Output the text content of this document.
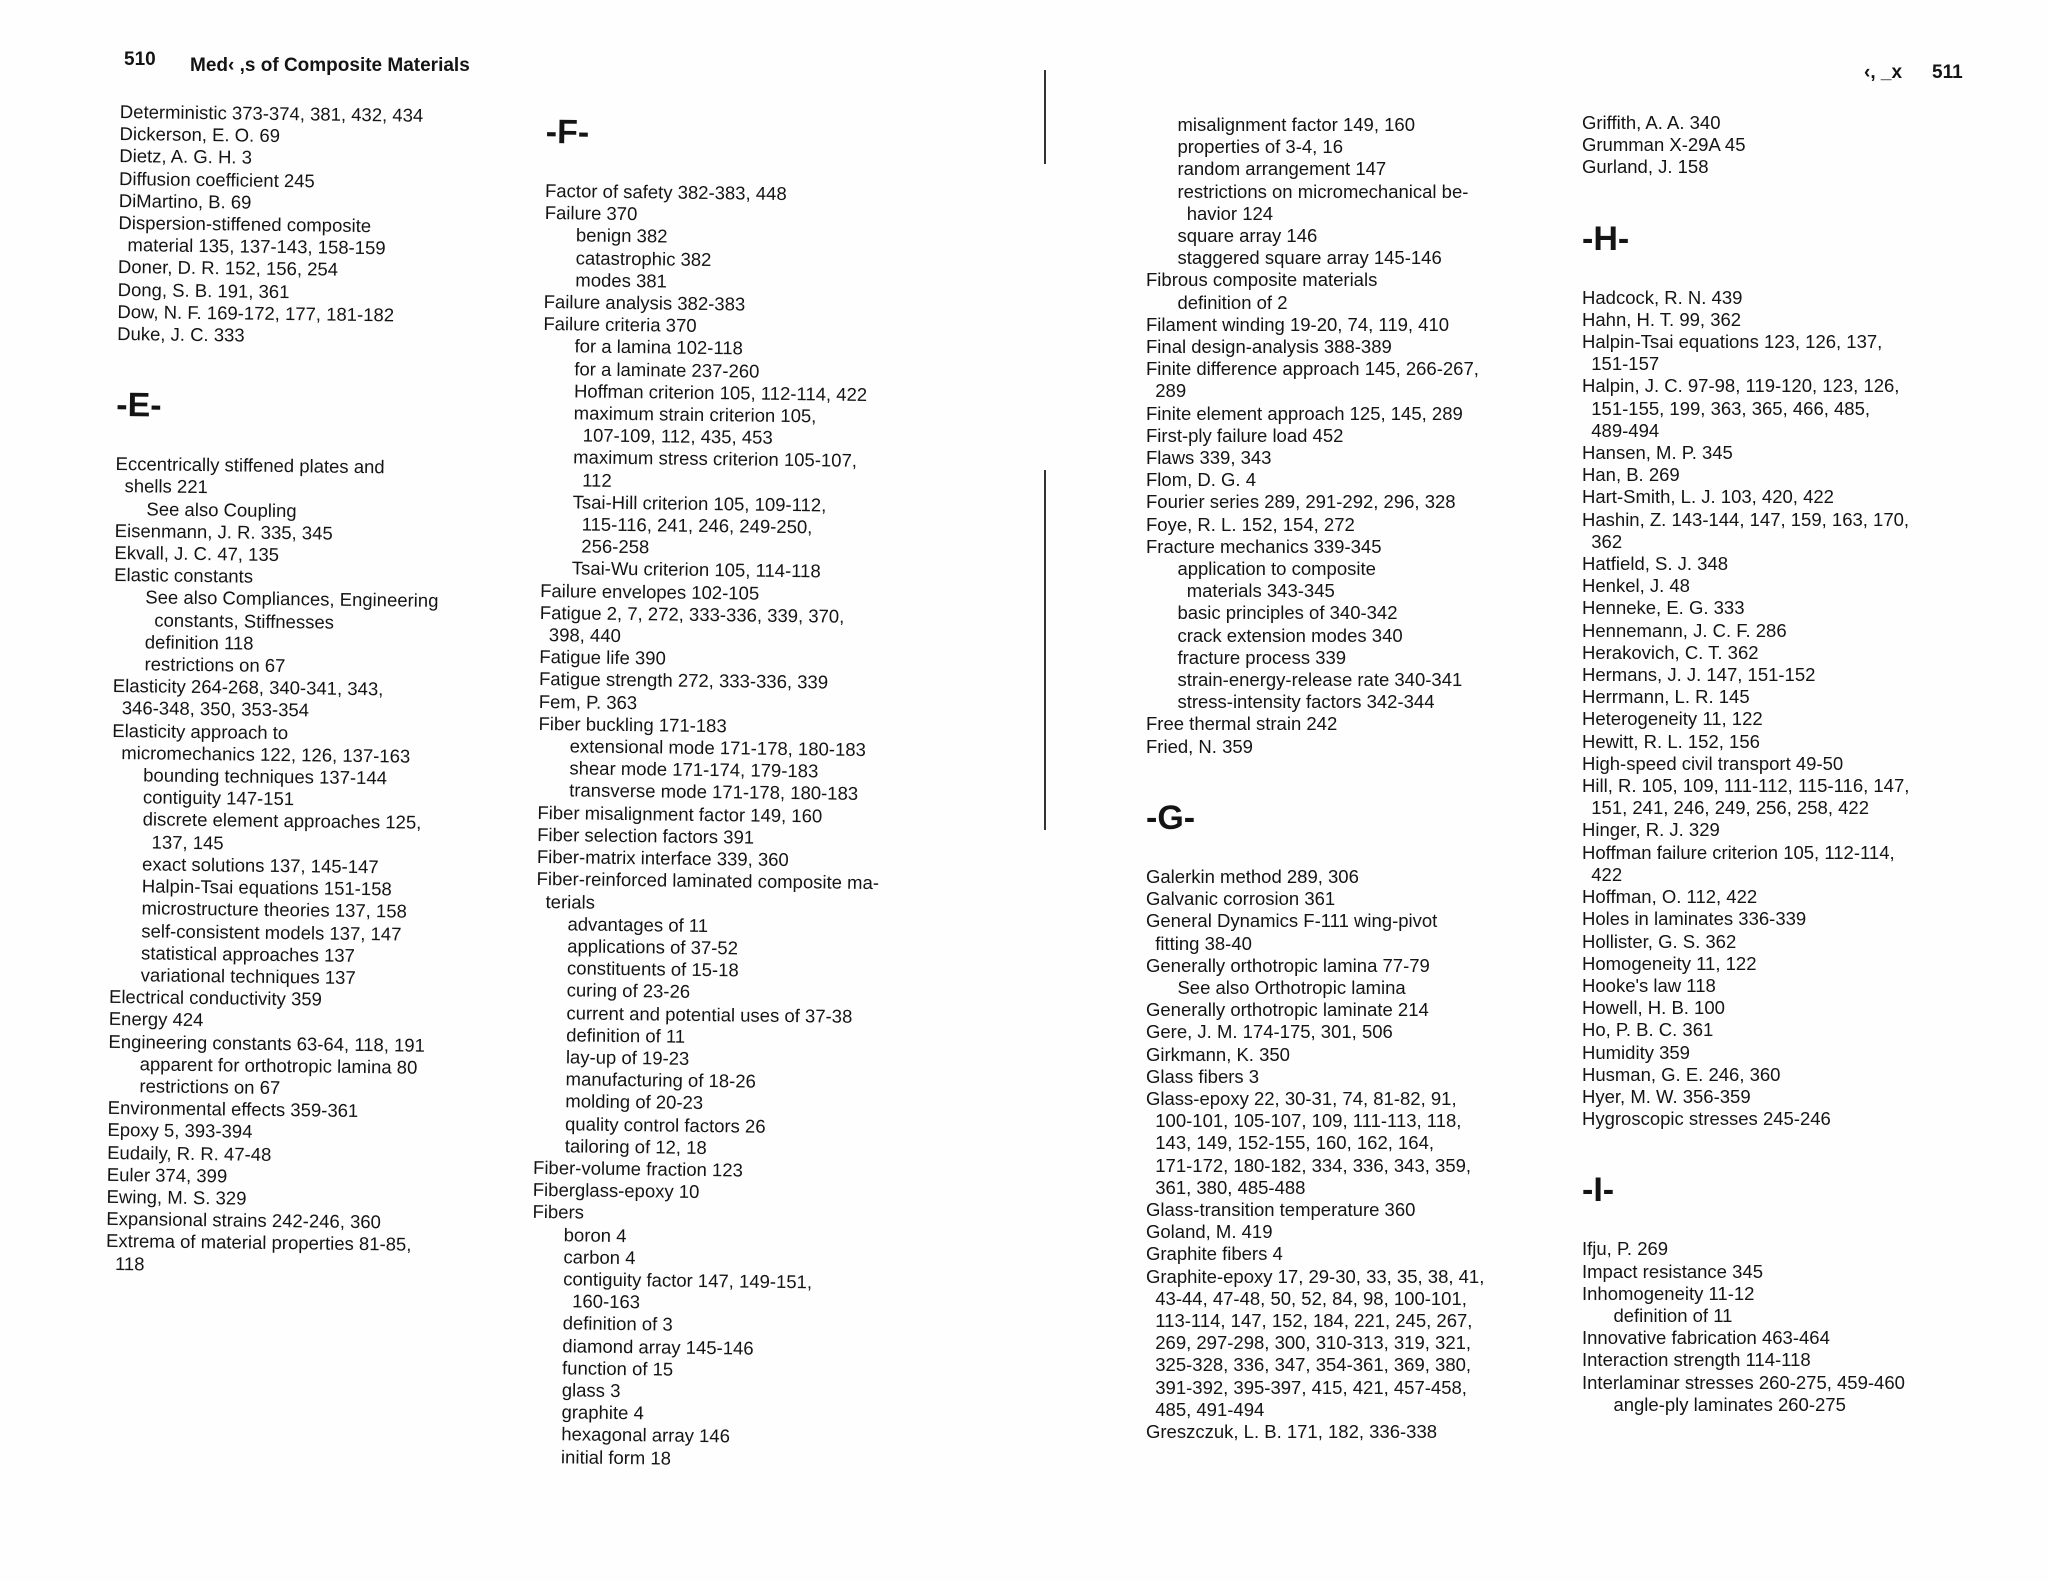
510 Med‹ ,s of Composite Materials
Deterministic 373-374, 381, 432, 434
Dickerson, E. O. 69
Dietz, A. G. H. 3
Diffusion coefficient 245
DiMartino, B. 69
Dispersion-stiffened composite
material 135, 137-143, 158-159
Doner, D. R. 152, 156, 254
Dong, S. B. 191, 361
Dow, N. F. 169-172, 177, 181-182
Duke, J. C. 333
-E-
Eccentrically stiffened plates and
shells 221
See also Coupling
Eisenmann, J. R. 335, 345
Ekvall, J. C. 47, 135
Elastic constants
See also Compliances, Engineering
constants, Stiffnesses
definition 118
restrictions on 67
Elasticity 264-268, 340-341, 343,
346-348, 350, 353-354
Elasticity approach to
micromechanics 122, 126, 137-163
bounding techniques 137-144
contiguity 147-151
discrete element approaches 125,
137, 145
exact solutions 137, 145-147
Halpin-Tsai equations 151-158
microstructure theories 137, 158
self-consistent models 137, 147
statistical approaches 137
variational techniques 137
Electrical conductivity 359
Energy 424
Engineering constants 63-64, 118, 191
apparent for orthotropic lamina 80
restrictions on 67
Environmental effects 359-361
Epoxy 5, 393-394
Eudaily, R. R. 47-48
Euler 374, 399
Ewing, M. S. 329
Expansional strains 242-246, 360
Extrema of material properties 81-85,
118
-F-
Factor of safety 382-383, 448
Failure 370
benign 382
catastrophic 382
modes 381
Failure analysis 382-383
Failure criteria 370
for a lamina 102-118
for a laminate 237-260
Hoffman criterion 105, 112-114, 422
maximum strain criterion 105,
107-109, 112, 435, 453
maximum stress criterion 105-107,
112
Tsai-Hill criterion 105, 109-112,
115-116, 241, 246, 249-250,
256-258
Tsai-Wu criterion 105, 114-118
Failure envelopes 102-105
Fatigue 2, 7, 272, 333-336, 339, 370,
398, 440
Fatigue life 390
Fatigue strength 272, 333-336, 339
Fem, P. 363
Fiber buckling 171-183
extensional mode 171-178, 180-183
shear mode 171-174, 179-183
transverse mode 171-178, 180-183
Fiber misalignment factor 149, 160
Fiber selection factors 391
Fiber-matrix interface 339, 360
Fiber-reinforced laminated composite ma-
terials
advantages of 11
applications of 37-52
constituents of 15-18
curing of 23-26
current and potential uses of 37-38
definition of 11
lay-up of 19-23
manufacturing of 18-26
molding of 20-23
quality control factors 26
tailoring of 12, 18
Fiber-volume fraction 123
Fiberglass-epoxy 10
Fibers
boron 4
carbon 4
contiguity factor 147, 149-151,
160-163
definition of 3
diamond array 145-146
function of 15
glass 3
graphite 4
hexagonal array 146
initial form 18
‹, _x 511
misalignment factor 149, 160
properties of 3-4, 16
random arrangement 147
restrictions on micromechanical be-
havior 124
square array 146
staggered square array 145-146
Fibrous composite materials
definition of 2
Filament winding 19-20, 74, 119, 410
Final design-analysis 388-389
Finite difference approach 145, 266-267,
289
Finite element approach 125, 145, 289
First-ply failure load 452
Flaws 339, 343
Flom, D. G. 4
Fourier series 289, 291-292, 296, 328
Foye, R. L. 152, 154, 272
Fracture mechanics 339-345
application to composite
materials 343-345
basic principles of 340-342
crack extension modes 340
fracture process 339
strain-energy-release rate 340-341
stress-intensity factors 342-344
Free thermal strain 242
Fried, N. 359
-G-
Galerkin method 289, 306
Galvanic corrosion 361
General Dynamics F-111 wing-pivot
fitting 38-40
Generally orthotropic lamina 77-79
See also Orthotropic lamina
Generally orthotropic laminate 214
Gere, J. M. 174-175, 301, 506
Girkmann, K. 350
Glass fibers 3
Glass-epoxy 22, 30-31, 74, 81-82, 91,
100-101, 105-107, 109, 111-113, 118,
143, 149, 152-155, 160, 162, 164,
171-172, 180-182, 334, 336, 343, 359,
361, 380, 485-488
Glass-transition temperature 360
Goland, M. 419
Graphite fibers 4
Graphite-epoxy 17, 29-30, 33, 35, 38, 41,
43-44, 47-48, 50, 52, 84, 98, 100-101,
113-114, 147, 152, 184, 221, 245, 267,
269, 297-298, 300, 310-313, 319, 321,
325-328, 336, 347, 354-361, 369, 380,
391-392, 395-397, 415, 421, 457-458,
485, 491-494
Greszczuk, L. B. 171, 182, 336-338
Griffith, A. A. 340
Grumman X-29A 45
Gurland, J. 158
-H-
Hadcock, R. N. 439
Hahn, H. T. 99, 362
Halpin-Tsai equations 123, 126, 137,
151-157
Halpin, J. C. 97-98, 119-120, 123, 126,
151-155, 199, 363, 365, 466, 485,
489-494
Hansen, M. P. 345
Han, B. 269
Hart-Smith, L. J. 103, 420, 422
Hashin, Z. 143-144, 147, 159, 163, 170,
362
Hatfield, S. J. 348
Henkel, J. 48
Henneke, E. G. 333
Hennemann, J. C. F. 286
Herakovich, C. T. 362
Hermans, J. J. 147, 151-152
Herrmann, L. R. 145
Heterogeneity 11, 122
Hewitt, R. L. 152, 156
High-speed civil transport 49-50
Hill, R. 105, 109, 111-112, 115-116, 147,
151, 241, 246, 249, 256, 258, 422
Hinger, R. J. 329
Hoffman failure criterion 105, 112-114,
422
Hoffman, O. 112, 422
Holes in laminates 336-339
Hollister, G. S. 362
Homogeneity 11, 122
Hooke's law 118
Howell, H. B. 100
Ho, P. B. C. 361
Humidity 359
Husman, G. E. 246, 360
Hyer, M. W. 356-359
Hygroscopic stresses 245-246
-I-
Ifju, P. 269
Impact resistance 345
Inhomogeneity 11-12
definition of 11
Innovative fabrication 463-464
Interaction strength 114-118
Interlaminar stresses 260-275, 459-460
angle-ply laminates 260-275
